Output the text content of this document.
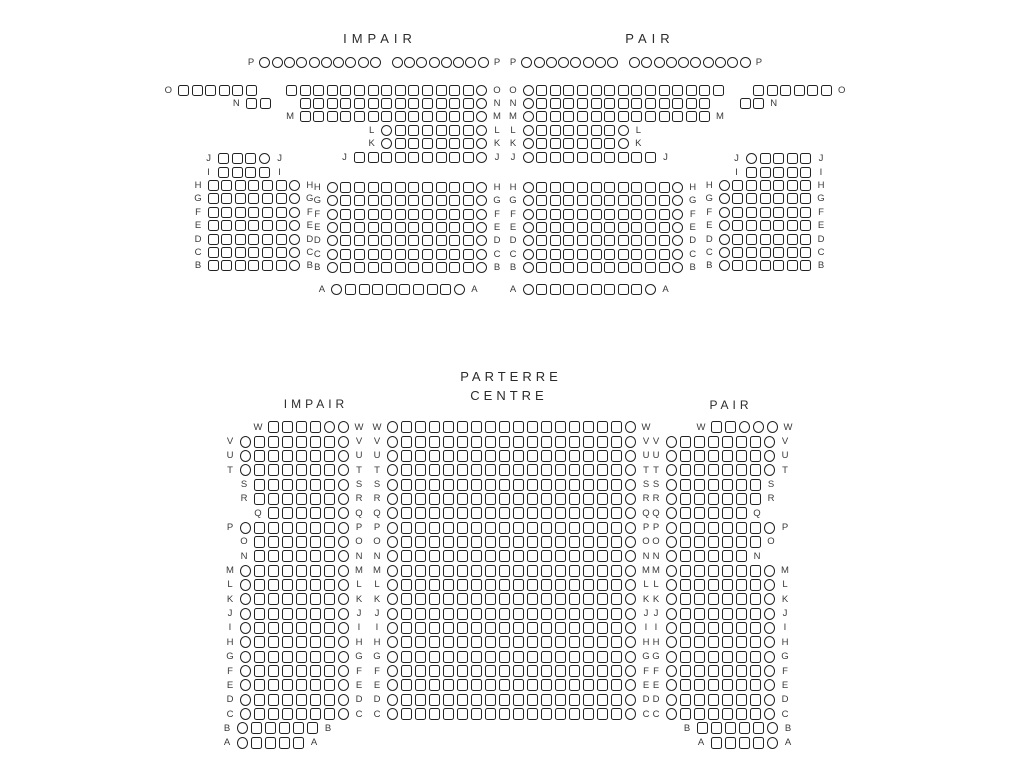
IMPAIR	PAIR
J	J
I	I
H	H
G	G
F	F
E	E
D	D
C	C
B	B
P	P
O	O
N	N
M	M
L	L
K	K
J	J
H	H
G	G
F	F
E	E
D	D
C	C
B	B
A	A
P	P
O	O
N	N
M	M
L	L
K	K
J	J
H	H
G	G
F	F
E	E
D	D
C	C
B	B
A	A
J	J
I	I
H	H
G	G
F	F
E	E
D	D
C	C
B	B
PARTERRE
CENTRE
IMPAIR	PAIR
W	W
V	V
U	U
T	T
S	S
R	R
Q	Q
P	P
O	O
N	N
M	M
L	L
K	K
J	J
I	I
H	H
G	G
F	F
E	E
D	D
C	C
B	B
A	A
W	W
V	V
U	U
T	T
S	S
R	R
Q	Q
P	P
O	O
N	N
M	M
L	L
K	K
J	J
I	I
H	H
G	G
F	F
E	E
D	D
C	C
W	W
V	V
U	U
T	T
S	S
R	R
Q	Q
P	P
O	O
N	N
M	M
L	L
K	K
J	J
I	I
H	H
G	G
F	F
E	E
D	D
C	C
B	B
A	A
